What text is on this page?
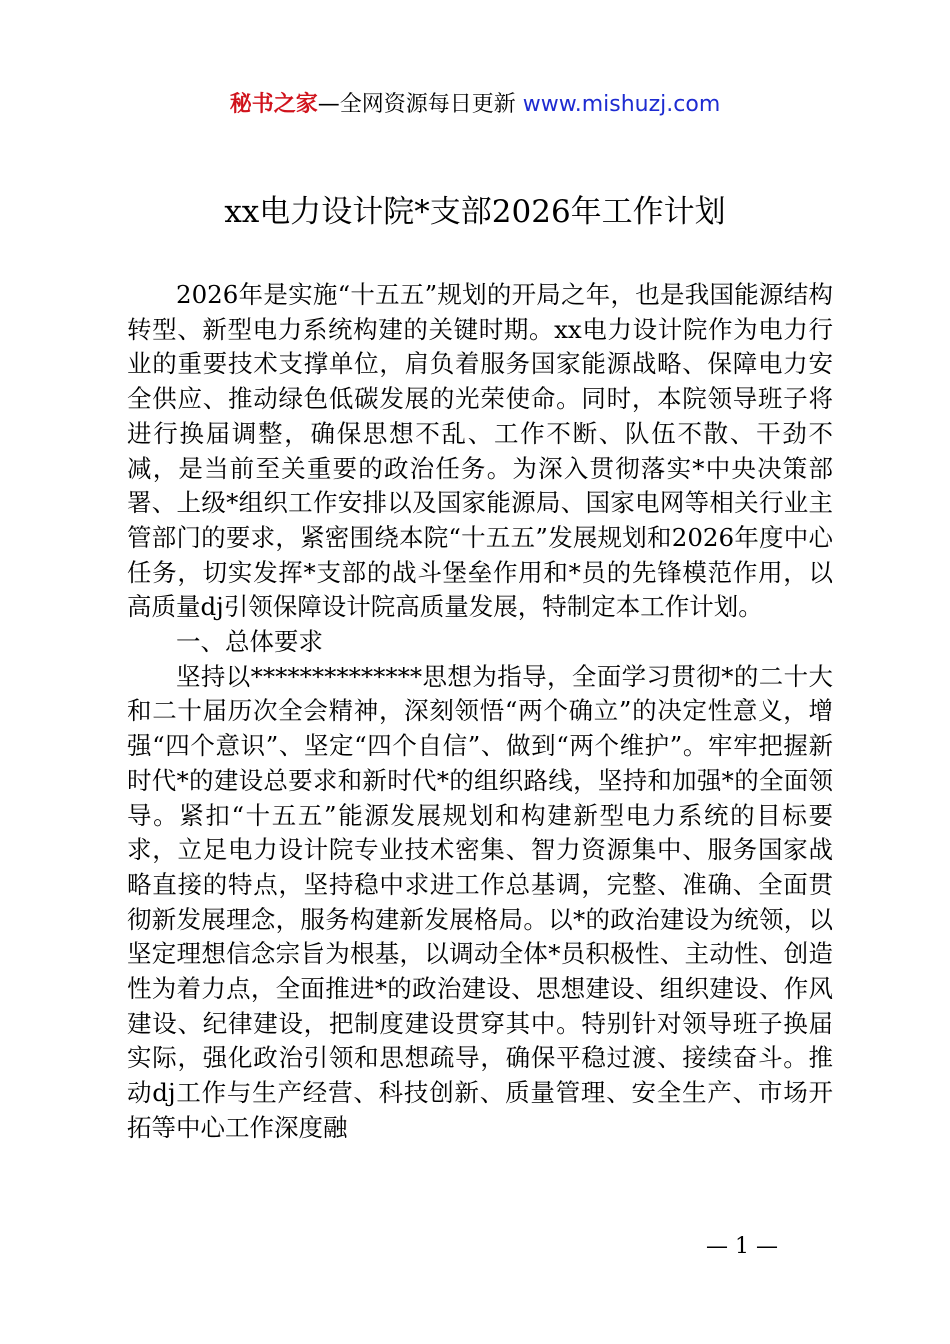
秘书之家—全网资源每日更新 www.mishuzj.com
xx电力设计院*支部2026年工作计划

2026年是实施“十五五”规划的开局之年，也是我国能源结构转型、新型电力系统构建的关键时期。xx电力设计院作为电力行业的重要技术支撑单位，肩负着服务国家能源战略、保障电力安全供应、推动绿色低碳发展的光荣使命。同时，本院领导班子将进行换届调整，确保思想不乱、工作不断、队伍不散、干劲不减，是当前至关重要的政治任务。为深入贯彻落实*中央决策部署、上级*组织工作安排以及国家能源局、国家电网等相关行业主管部门的要求，紧密围绕本院“十五五”发展规划和2026年度中心任务，切实发挥*支部的战斗堡垒作用和*员的先锋模范作用，以高质量dj引领保障设计院高质量发展，特制定本工作计划。

一、总体要求

坚持以**************思想为指导，全面学习贯彻*的二十大和二十届历次全会精神，深刻领悟“两个确立”的决定性意义，增强“四个意识”、坚定“四个自信”、做到“两个维护”。牢牢把握新时代*的建设总要求和新时代*的组织路线，坚持和加强*的全面领导。紧扣“十五五”能源发展规划和构建新型电力系统的目标要求，立足电力设计院专业技术密集、智力资源集中、服务国家战略直接的特点，坚持稳中求进工作总基调，完整、准确、全面贯彻新发展理念，服务构建新发展格局。以*的政治建设为统领，以坚定理想信念宗旨为根基，以调动全体*员积极性、主动性、创造性为着力点，全面推进*的政治建设、思想建设、组织建设、作风建设、纪律建设，把制度建设贯穿其中。特别针对领导班子换届实际，强化政治引领和思想疏导，确保平稳过渡、接续奋斗。推动dj工作与生产经营、科技创新、质量管理、安全生产、市场开拓等中心工作深度融

— 1 —
